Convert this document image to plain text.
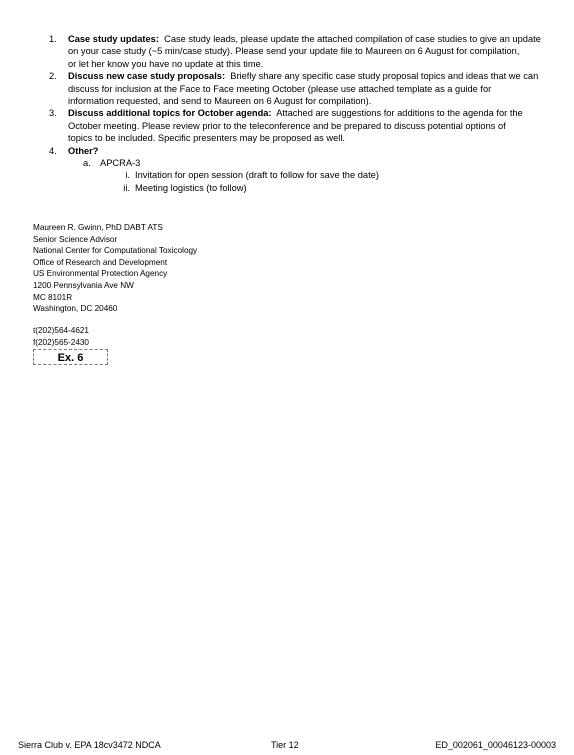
1. Case study updates: Case study leads, please update the attached compilation of case studies to give an update
on your case study (~5 min/case study). Please send your update file to Maureen on 6 August for compilation,
or let her know you have no update at this time.
2. Discuss new case study proposals: Briefly share any specific case study proposal topics and ideas that we can
discuss for inclusion at the Face to Face meeting October (please use attached template as a guide for
information requested, and send to Maureen on 6 August for compilation).
3. Discuss additional topics for October agenda: Attached are suggestions for additions to the agenda for the
October meeting. Please review prior to the teleconference and be prepared to discuss potential options of
topics to be included. Specific presenters may be proposed as well.
4. Other?
a. APCRA-3
i. Invitation for open session (draft to follow for save the date)
ii. Meeting logistics (to follow)
Maureen R. Gwinn, PhD DABT ATS
Senior Science Advisor
National Center for Computational Toxicology
Office of Research and Development
US Environmental Protection Agency
1200 Pennsylvania Ave NW
MC 8101R
Washington, DC 20460
t(202)564-4621
f(202)565-2430
Ex. 6
Sierra Club v. EPA 18cv3472 NDCA	Tier 12	ED_002061_00046123-00003
